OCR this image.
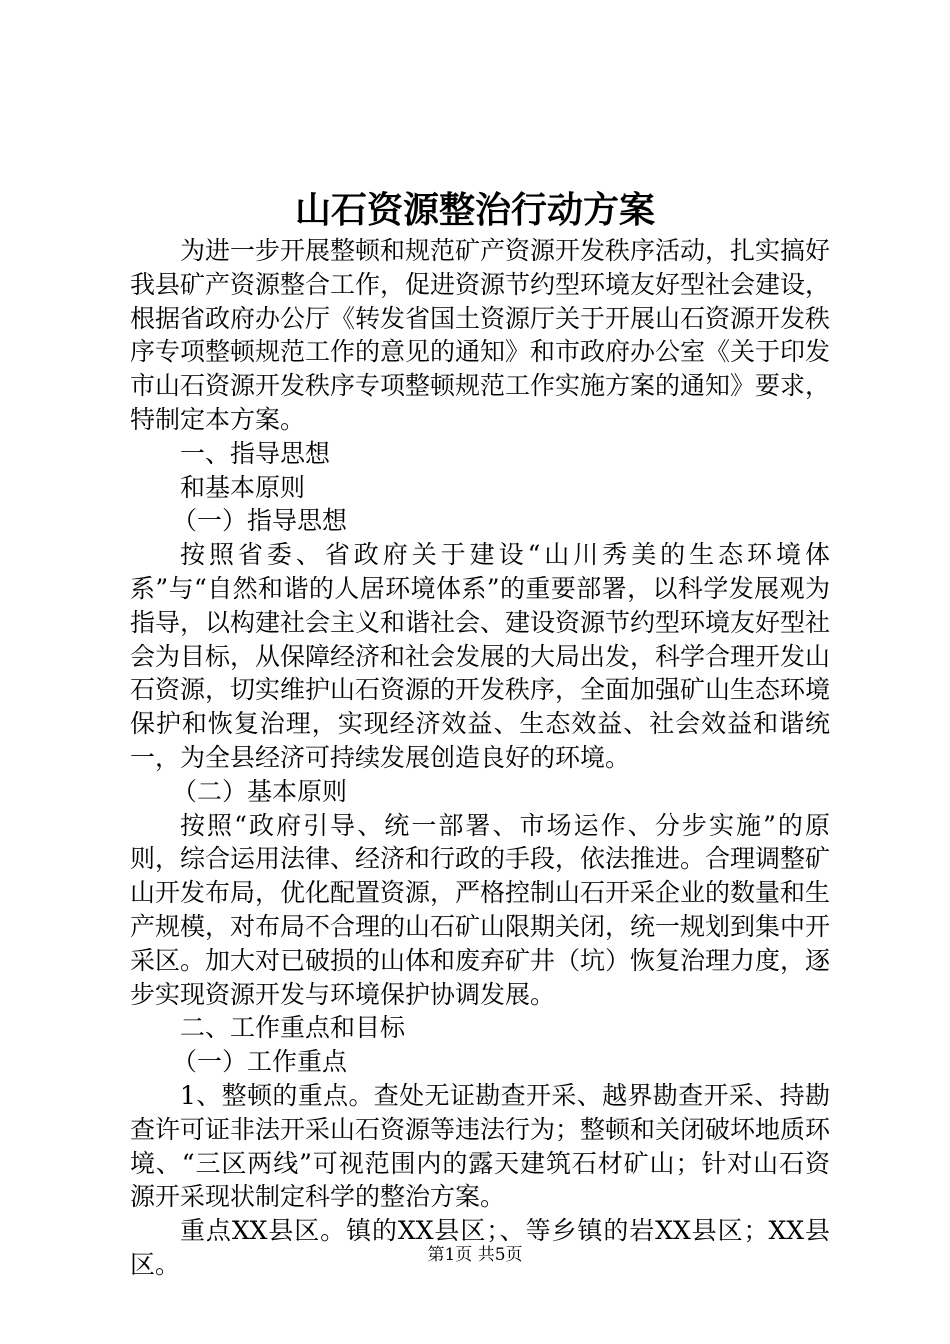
山石资源整治行动方案

为进一步开展整顿和规范矿产资源开发秩序活动，扎实搞好我县矿产资源整合工作，促进资源节约型环境友好型社会建设，根据省政府办公厅《转发省国土资源厅关于开展山石资源开发秩序专项整顿规范工作的意见的通知》和市政府办公室《关于印发市山石资源开发秩序专项整顿规范工作实施方案的通知》要求，特制定本方案。

一、指导思想

和基本原则

（一）指导思想

按照省委、省政府关于建设“山川秀美的生态环境体系”与“自然和谐的人居环境体系”的重要部署，以科学发展观为指导，以构建社会主义和谐社会、建设资源节约型环境友好型社会为目标，从保障经济和社会发展的大局出发，科学合理开发山石资源，切实维护山石资源的开发秩序，全面加强矿山生态环境保护和恢复治理，实现经济效益、生态效益、社会效益和谐统一，为全县经济可持续发展创造良好的环境。

（二）基本原则

按照“政府引导、统一部署、市场运作、分步实施”的原则，综合运用法律、经济和行政的手段，依法推进。合理调整矿山开发布局，优化配置资源，严格控制山石开采企业的数量和生产规模，对布局不合理的山石矿山限期关闭，统一规划到集中开采区。加大对已破损的山体和废弃矿井（坑）恢复治理力度，逐步实现资源开发与环境保护协调发展。

二、工作重点和目标

（一）工作重点

1、整顿的重点。查处无证勘查开采、越界勘查开采、持勘查许可证非法开采山石资源等违法行为；整顿和关闭破坏地质环境、“三区两线”可视范围内的露天建筑石材矿山；针对山石资源开采现状制定科学的整治方案。

重点XX县区。镇的XX县区；、等乡镇的岩XX县区；XX县区。	第1页 共5页
